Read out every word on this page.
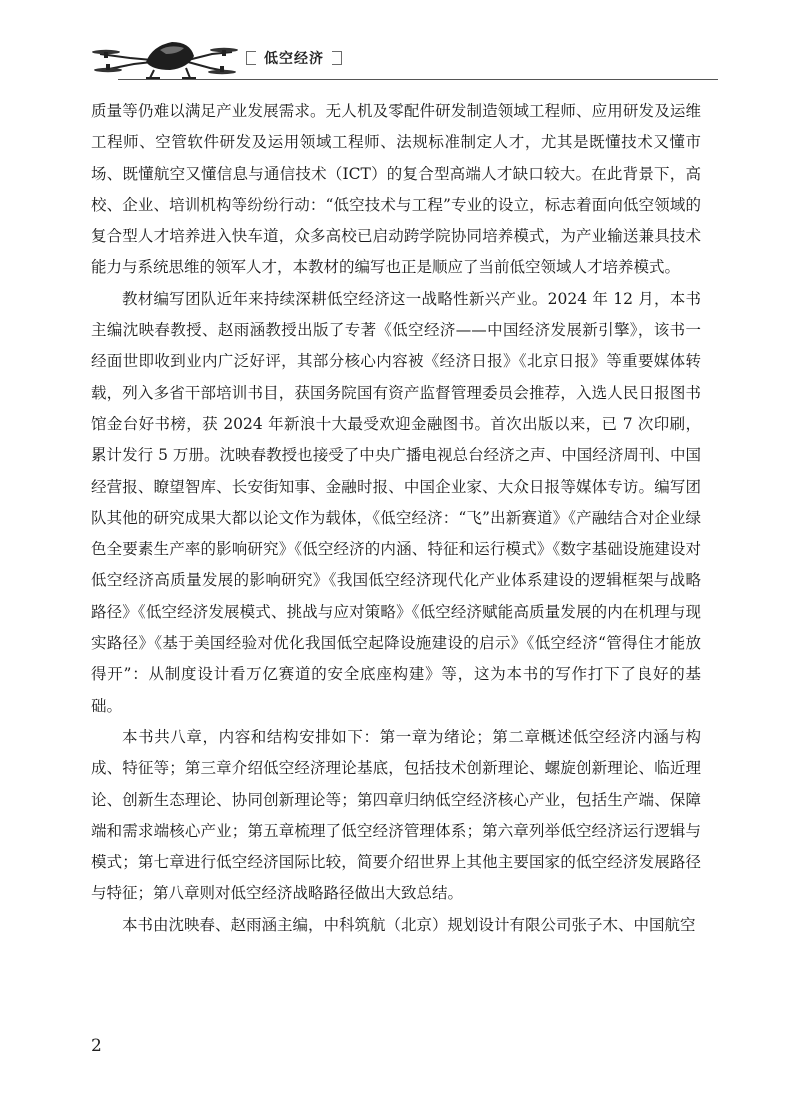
低空经济

质量等仍难以满足产业发展需求。无人机及零配件研发制造领域工程师、应用研发及运维工程师、空管软件研发及运用领域工程师、法规标准制定人才，尤其是既懂技术又懂市场、既懂航空又懂信息与通信技术（ICT）的复合型高端人才缺口较大。在此背景下，高校、企业、培训机构等纷纷行动：“低空技术与工程”专业的设立，标志着面向低空领域的复合型人才培养进入快车道，众多高校已启动跨学院协同培养模式，为产业输送兼具技术能力与系统思维的领军人才，本教材的编写也正是顺应了当前低空领域人才培养模式。

教材编写团队近年来持续深耕低空经济这一战略性新兴产业。2024 年 12 月，本书主编沈映春教授、赵雨涵教授出版了专著《低空经济——中国经济发展新引擎》，该书一经面世即收到业内广泛好评，其部分核心内容被《经济日报》《北京日报》等重要媒体转载，列入多省干部培训书目，获国务院国有资产监督管理委员会推荐，入选人民日报图书馆金台好书榜，获 2024 年新浪十大最受欢迎金融图书。首次出版以来，已 7 次印刷，累计发行 5 万册。沈映春教授也接受了中央广播电视总台经济之声、中国经济周刊、中国经营报、瞭望智库、长安街知事、金融时报、中国企业家、大众日报等媒体专访。编写团队其他的研究成果大都以论文作为载体，《低空经济：“飞”出新赛道》《产融结合对企业绿色全要素生产率的影响研究》《低空经济的内涵、特征和运行模式》《数字基础设施建设对低空经济高质量发展的影响研究》《我国低空经济现代化产业体系建设的逻辑框架与战略路径》《低空经济发展模式、挑战与应对策略》《低空经济赋能高质量发展的内在机理与现实路径》《基于美国经验对优化我国低空起降设施建设的启示》《低空经济“管得住才能放得开”：从制度设计看万亿赛道的安全底座构建》等，这为本书的写作打下了良好的基础。

本书共八章，内容和结构安排如下：第一章为绪论；第二章概述低空经济内涵与构成、特征等；第三章介绍低空经济理论基底，包括技术创新理论、螺旋创新理论、临近理论、创新生态理论、协同创新理论等；第四章归纳低空经济核心产业，包括生产端、保障端和需求端核心产业；第五章梳理了低空经济管理体系；第六章列举低空经济运行逻辑与模式；第七章进行低空经济国际比较，简要介绍世界上其他主要国家的低空经济发展路径与特征；第八章则对低空经济战略路径做出大致总结。

本书由沈映春、赵雨涵主编，中科筑航（北京）规划设计有限公司张子木、中国航空

2
